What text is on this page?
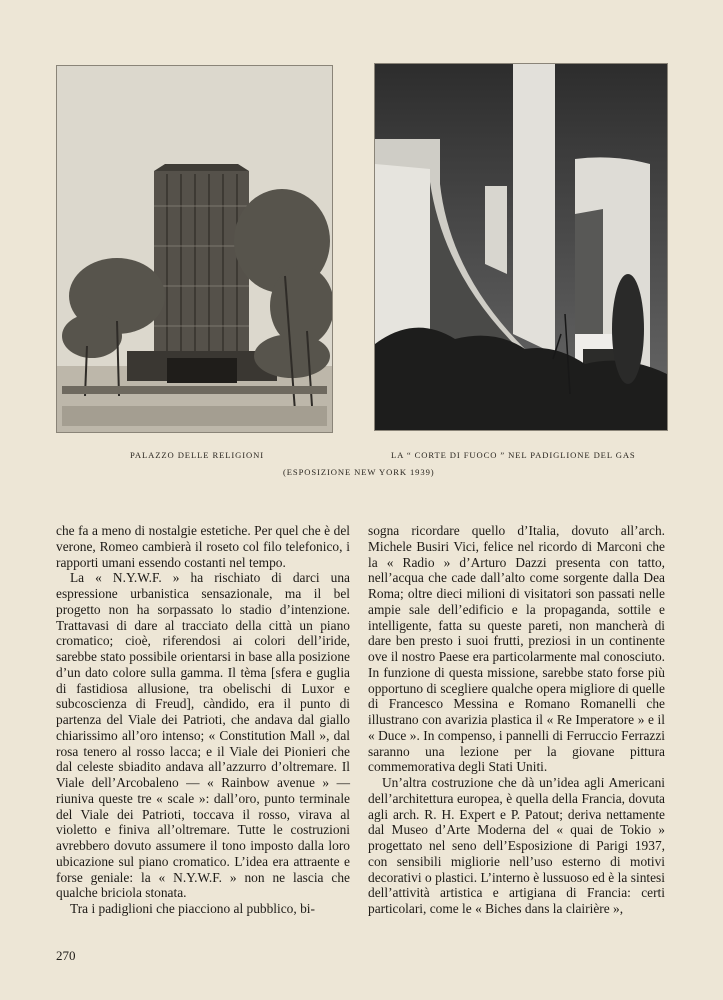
PALAZZO DELLE RELIGIONI	LA “ CORTE DI FUOCO ” NEL PADIGLIONE DEL GAS
(ESPOSIZIONE NEW YORK 1939)

che fa a meno di nostalgie estetiche. Per quel che è del verone, Romeo cambierà il roseto col filo telefonico, i rapporti umani essendo costanti nel tempo.

La « N.Y.W.F. » ha rischiato di darci una espressione urbanistica sensazionale, ma il bel progetto non ha sorpassato lo stadio d’intenzione. Trattavasi di dare al tracciato della città un piano cromatico; cioè, riferendosi ai colori dell’iride, sarebbe stato possibile orientarsi in base alla posizione d’un dato colore sulla gamma. Il tèma [sfera e guglia di fastidiosa allusione, tra obelischi di Luxor e subcoscienza di Freud], càndido, era il punto di partenza del Viale dei Patrioti, che andava dal giallo chiarissimo all’oro intenso; « Constitution Mall », dal rosa tenero al rosso lacca; e il Viale dei Pionieri che dal celeste sbiadito andava all’azzurro d’oltremare. Il Viale dell’Arcobaleno — « Rainbow avenue » — riuniva queste tre « scale »: dall’oro, punto terminale del Viale dei Patrioti, toccava il rosso, virava al violetto e finiva all’oltremare. Tutte le costruzioni avrebbero dovuto assumere il tono imposto dalla loro ubicazione sul piano cromatico. L’idea era attraente e forse geniale: la « N.Y.W.F. » non ne lascia che qualche briciola stonata.

Tra i padiglioni che piacciono al pubblico, bi-

sogna ricordare quello d’Italia, dovuto all’arch. Michele Busiri Vici, felice nel ricordo di Marconi che la « Radio » d’Arturo Dazzi presenta con tatto, nell’acqua che cade dall’alto come sorgente dalla Dea Roma; oltre dieci milioni di visitatori son passati nelle ampie sale dell’edificio e la propaganda, sottile e intelligente, fatta su queste pareti, non mancherà di dare ben presto i suoi frutti, preziosi in un continente ove il nostro Paese era particolarmente mal conosciuto. In funzione di questa missione, sarebbe stato forse più opportuno di scegliere qualche opera migliore di quelle di Francesco Messina e Romano Romanelli che illustrano con avarizia plastica il « Re Imperatore » e il « Duce ». In compenso, i pannelli di Ferruccio Ferrazzi saranno una lezione per la giovane pittura commemorativa degli Stati Uniti.

Un’altra costruzione che dà un’idea agli Americani dell’architettura europea, è quella della Francia, dovuta agli arch. R. H. Expert e P. Patout; deriva nettamente dal Museo d’Arte Moderna del « quai de Tokio » progettato nel seno dell’Esposizione di Parigi 1937, con sensibili migliorie nell’uso esterno di motivi decorativi o plastici. L’interno è lussuoso ed è la sintesi dell’attività artistica e artigiana di Francia: certi particolari, come le « Biches dans la clairière »,

270
